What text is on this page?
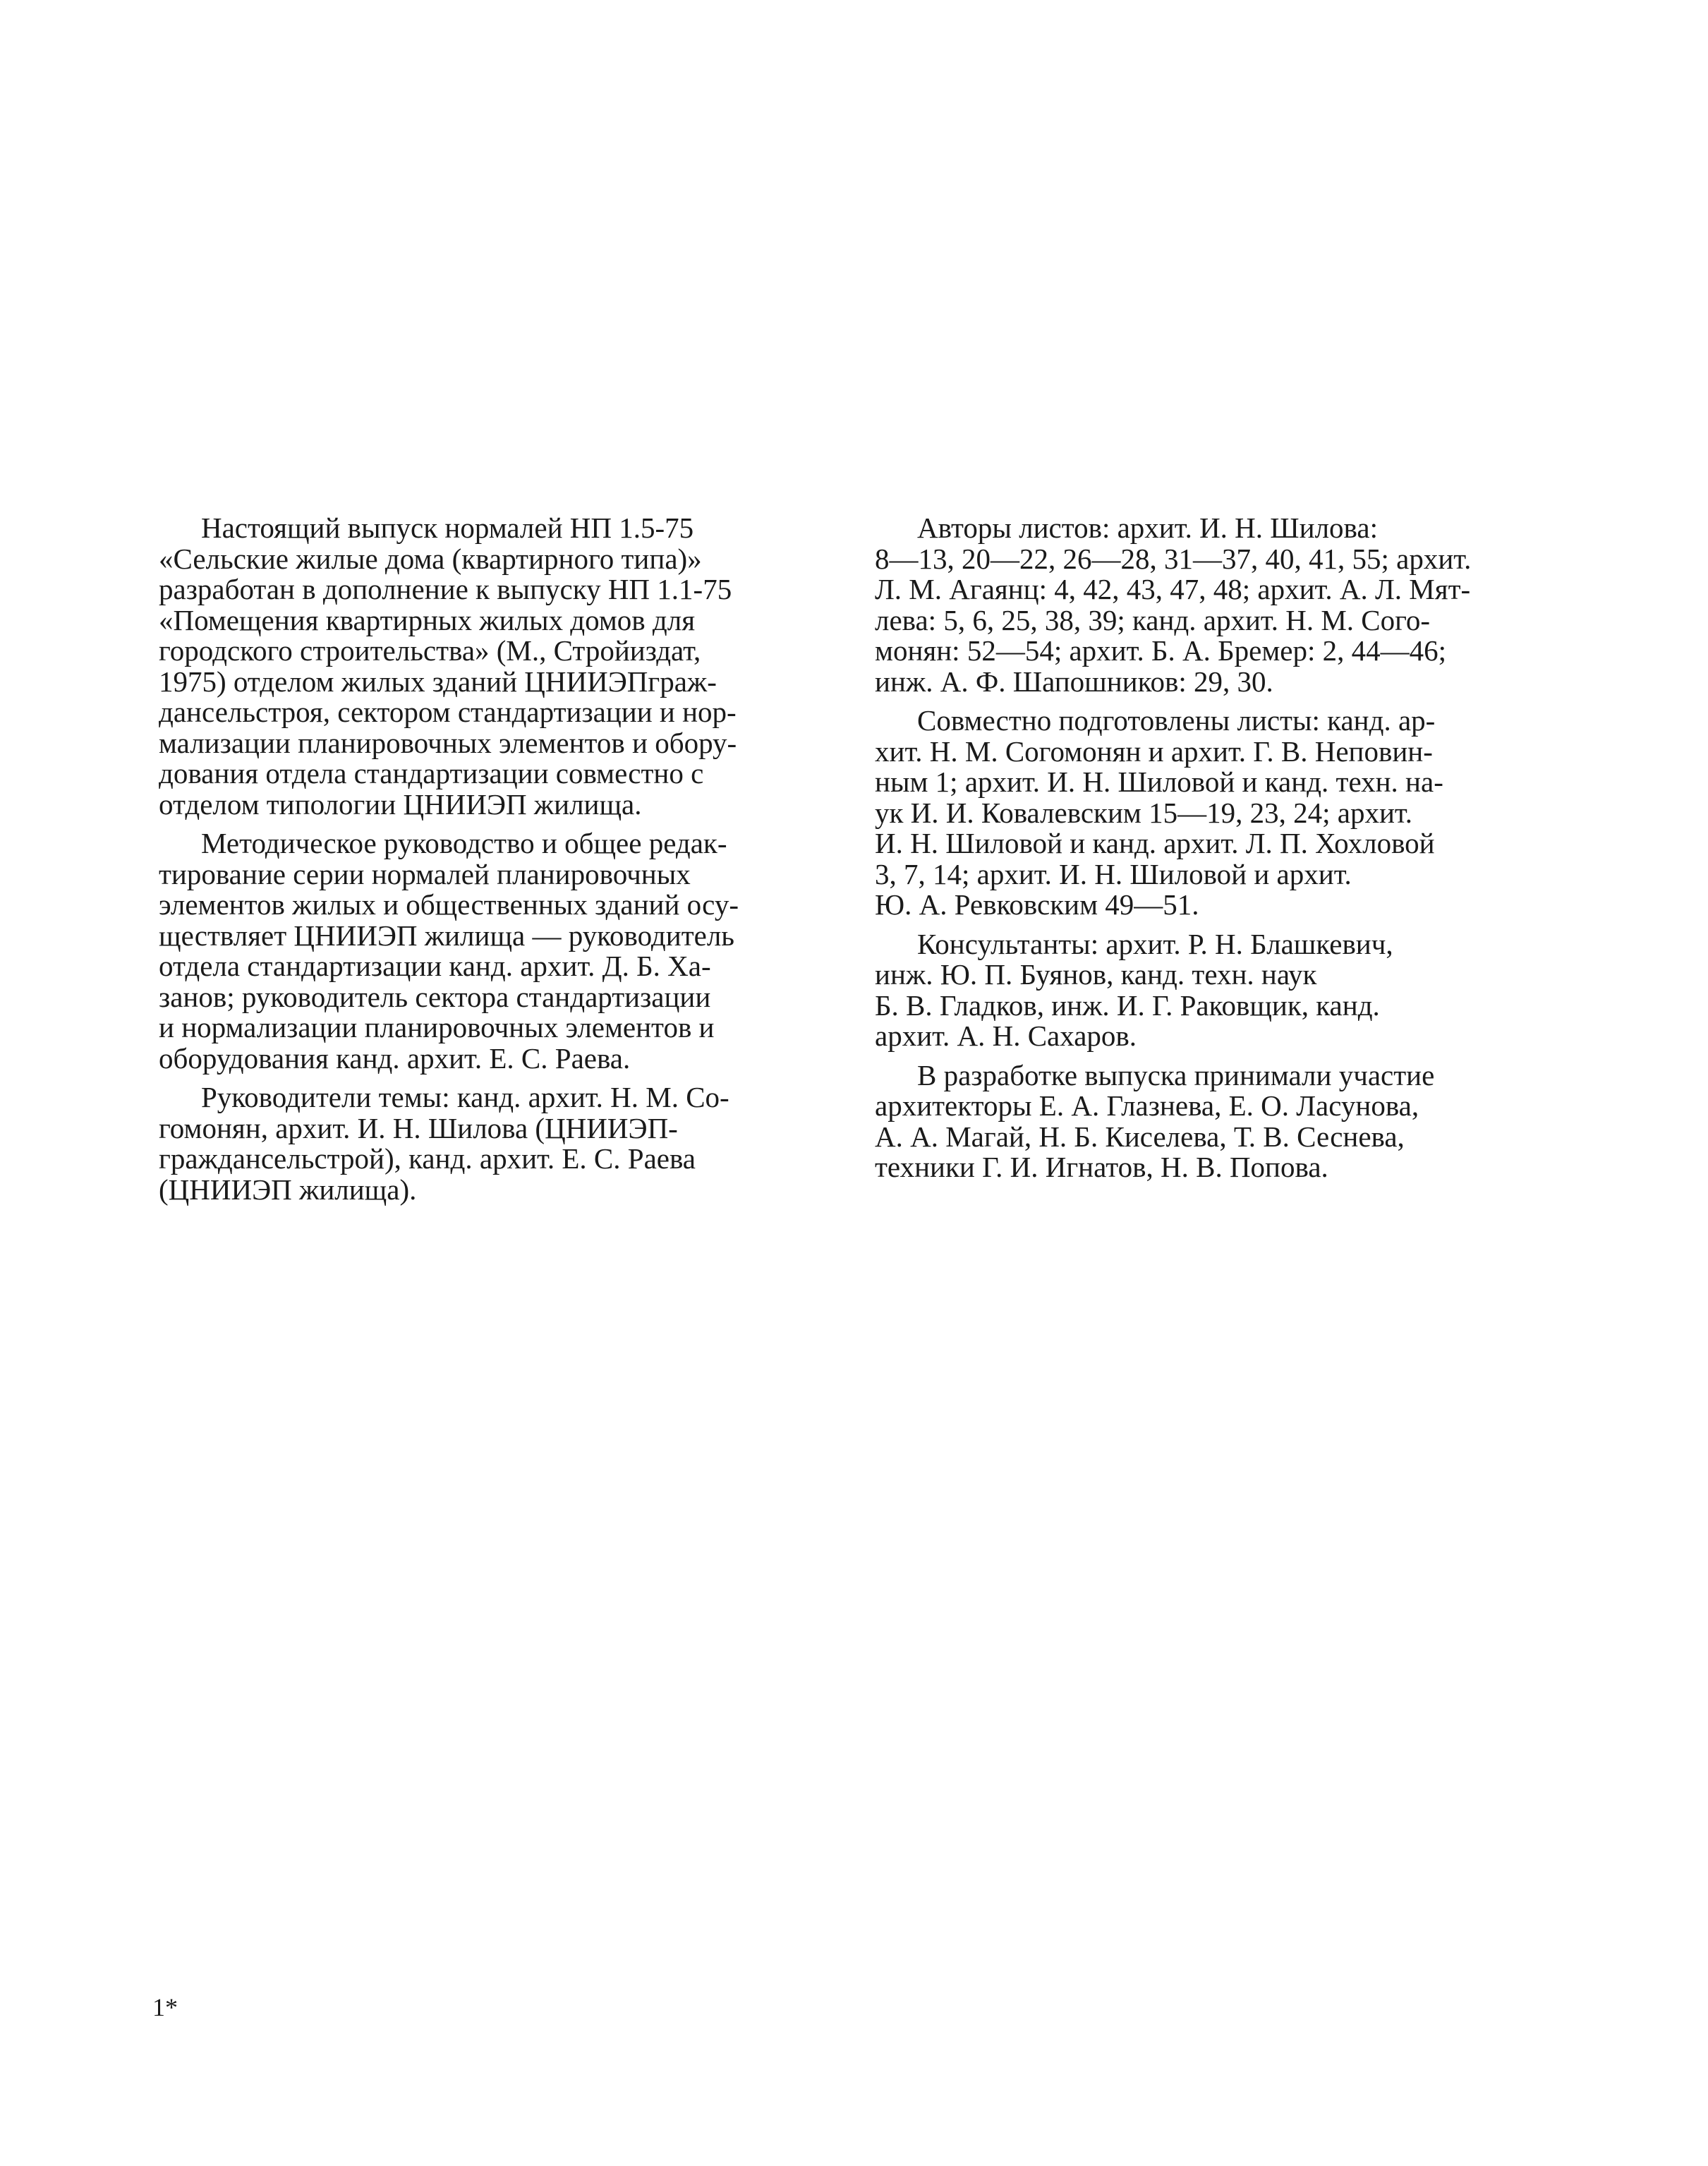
Настоящий выпуск нормалей НП 1.5-75
«Сельские жилые дома (квартирного типа)»
разработан в дополнение к выпуску НП 1.1-75
«Помещения квартирных жилых домов для
городского строительства» (М., Стройиздат,
1975) отделом жилых зданий ЦНИИЭПграж-
дансельстроя, сектором стандартизации и нор-
мализации планировочных элементов и обору-
дования отдела стандартизации совместно с
отделом типологии ЦНИИЭП жилища.

Методическое руководство и общее редак-
тирование серии нормалей планировочных
элементов жилых и общественных зданий осу-
ществляет ЦНИИЭП жилища — руководитель
отдела стандартизации канд. архит. Д. Б. Ха-
занов; руководитель сектора стандартизации
и нормализации планировочных элементов и
оборудования канд. архит. Е. С. Раева.

Руководители темы: канд. архит. Н. М. Со-
гомонян, архит. И. Н. Шилова (ЦНИИЭП-
гражданcельстрой), канд. архит. Е. С. Раева
(ЦНИИЭП жилища).

Авторы листов: архит. И. Н. Шилова:
8—13, 20—22, 26—28, 31—37, 40, 41, 55; архит.
Л. М. Агаянц: 4, 42, 43, 47, 48; архит. А. Л. Мят-
лева: 5, 6, 25, 38, 39; канд. архит. Н. М. Сого-
монян: 52—54; архит. Б. А. Бремер: 2, 44—46;
инж. А. Ф. Шапошников: 29, 30.

Совместно подготовлены листы: канд. ар-
хит. Н. М. Согомонян и архит. Г. В. Неповин-
ным 1; архит. И. Н. Шиловой и канд. техн. на-
ук И. И. Ковалевским 15—19, 23, 24; архит.
И. Н. Шиловой и канд. архит. Л. П. Хохловой
3, 7, 14; архит. И. Н. Шиловой и архит.
Ю. А. Ревковским 49—51.

Консультанты: архит. Р. Н. Блашкевич,
инж. Ю. П. Буянов, канд. техн. наук
Б. В. Гладков, инж. И. Г. Раковщик, канд.
архит. А. Н. Сахаров.

В разработке выпуска принимали участие
архитекторы Е. А. Глазнева, Е. О. Ласунова,
А. А. Магай, Н. Б. Киселева, Т. В. Сеснева,
техники Г. И. Игнатов, Н. В. Попова.

1*
